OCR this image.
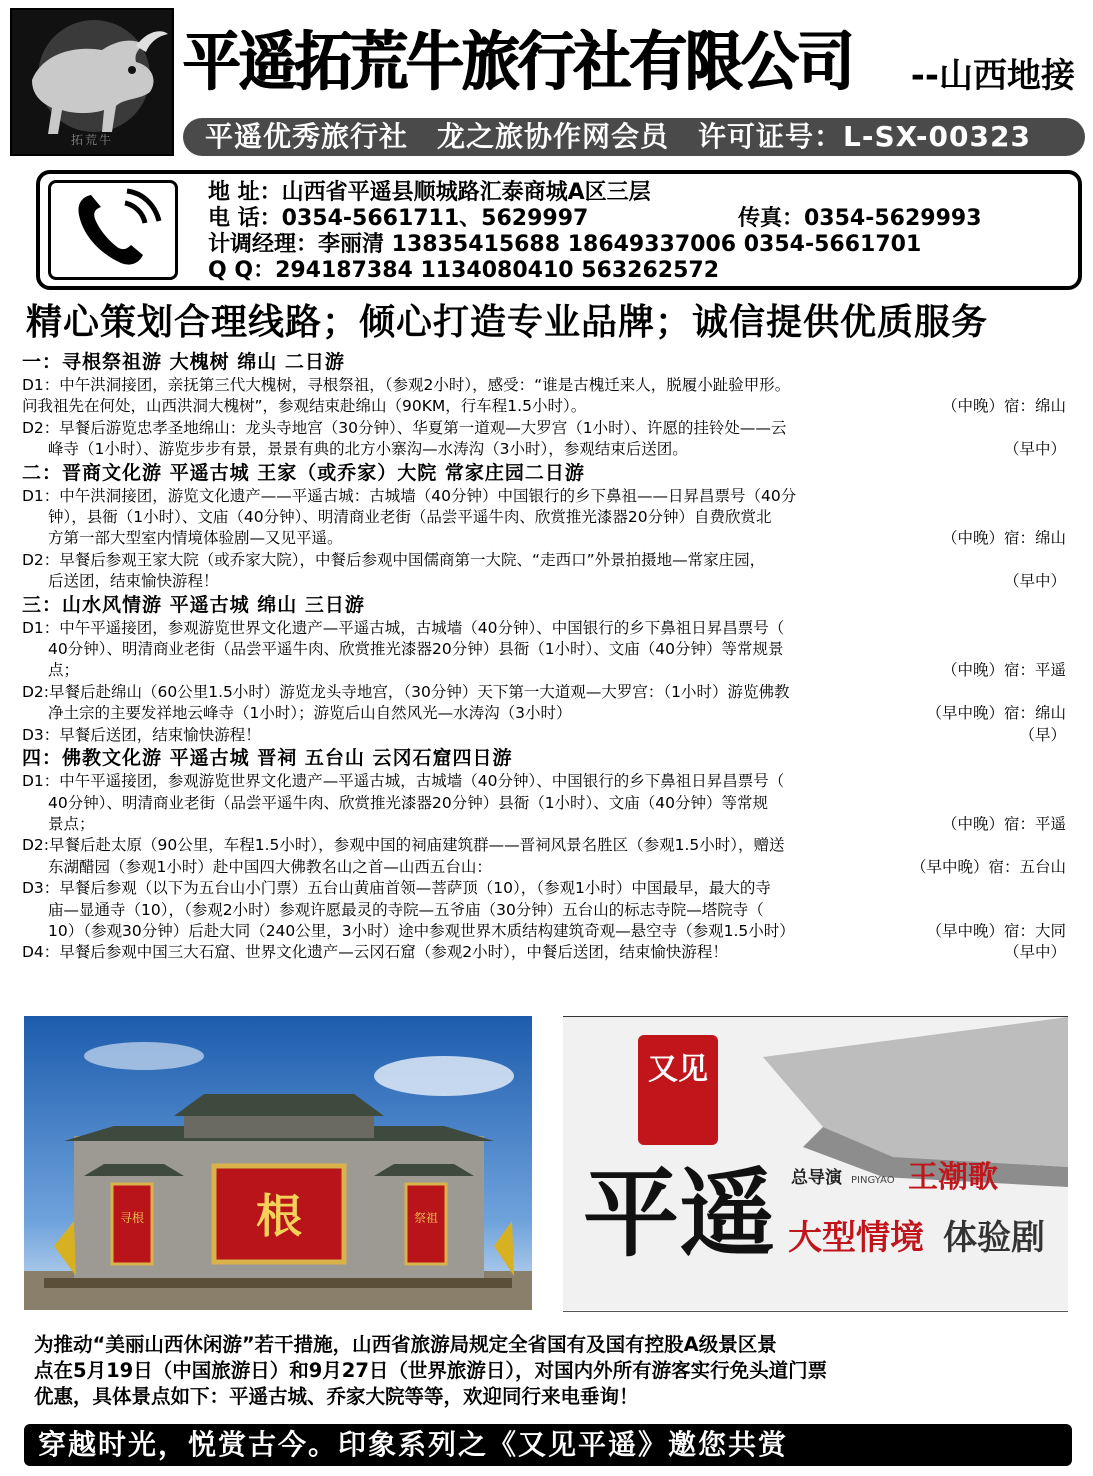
拓荒牛
平遥拓荒牛旅行社有限公司 --山西地接
平遥优秀旅行社　龙之旅协作网会员　许可证号：L-SX-00323
地 址：山西省平遥县顺城路汇泰商城A区三层
电 话：0354-5661711、5629997	传真：0354-5629993
计调经理：李丽清 13835415688 18649337006 0354-5661701
Q Q：294187384 1134080410 563262572
精心策划合理线路；倾心打造专业品牌；诚信提供优质服务
一：寻根祭祖游 大槐树 绵山 二日游
D1：中午洪洞接团，亲抚第三代大槐树，寻根祭祖，（参观2小时），感受：“谁是古槐迁来人，脱履小趾验甲形。
问我祖先在何处，山西洪洞大槐树”，参观结束赴绵山（90KM，行车程1.5小时）。	（中晚）宿：绵山
D2：早餐后游览忠孝圣地绵山：龙头寺地宫（30分钟）、华夏第一道观—大罗宫（1小时）、许愿的挂铃处——云
峰寺（1小时）、游览步步有景，景景有典的北方小寨沟—水涛沟（3小时），参观结束后送团。	（早中）
二：晋商文化游 平遥古城 王家（或乔家）大院 常家庄园二日游
D1：中午洪洞接团，游览文化遗产——平遥古城：古城墙（40分钟）中国银行的乡下鼻祖——日昇昌票号（40分
钟），县衙（1小时）、文庙（40分钟）、明清商业老街（品尝平遥牛肉、欣赏推光漆器20分钟）自费欣赏北
方第一部大型室内情境体验剧—又见平遥。	（中晚）宿：绵山
D2：早餐后参观王家大院（或乔家大院），中餐后参观中国儒商第一大院、“走西口”外景拍摄地—常家庄园，
后送团，结束愉快游程！	（早中）
三：山水风情游 平遥古城 绵山 三日游
D1：中午平遥接团，参观游览世界文化遗产—平遥古城，古城墙（40分钟）、中国银行的乡下鼻祖日昇昌票号（
40分钟）、明清商业老街（品尝平遥牛肉、欣赏推光漆器20分钟）县衙（1小时）、文庙（40分钟）等常规景
点；	（中晚）宿：平遥
D2:早餐后赴绵山（60公里1.5小时）游览龙头寺地宫，（30分钟）天下第一大道观—大罗宫：（1小时）游览佛教
净土宗的主要发祥地云峰寺（1小时）；游览后山自然风光—水涛沟（3小时）	（早中晚）宿：绵山
D3：早餐后送团，结束愉快游程！	（早）
四：佛教文化游 平遥古城 晋祠 五台山 云冈石窟四日游
D1：中午平遥接团，参观游览世界文化遗产—平遥古城，古城墙（40分钟）、中国银行的乡下鼻祖日昇昌票号（
40分钟）、明清商业老街（品尝平遥牛肉、欣赏推光漆器20分钟）县衙（1小时）、文庙（40分钟）等常规
景点；	（中晚）宿：平遥
D2:早餐后赴太原（90公里，车程1.5小时），参观中国的祠庙建筑群——晋祠风景名胜区（参观1.5小时），赠送
东湖醋园（参观1小时）赴中国四大佛教名山之首—山西五台山：	（早中晚）宿：五台山
D3：早餐后参观（以下为五台山小门票）五台山黄庙首领—菩萨顶（10），（参观1小时）中国最早，最大的寺
庙—显通寺（10），（参观2小时）参观许愿最灵的寺院—五爷庙（30分钟）五台山的标志寺院—塔院寺（
10）（参观30分钟）后赴大同（240公里，3小时）途中参观世界木质结构建筑奇观—悬空寺（参观1.5小时）	（早中晚）宿：大同
D4：早餐后参观中国三大石窟、世界文化遗产—云冈石窟（参观2小时），中餐后送团，结束愉快游程！	（早中）
根
寻根	祭祖
又见
平遥 总导演 PINGYAO 王潮歌
大型情境 体验剧
为推动“美丽山西休闲游”若干措施，山西省旅游局规定全省国有及国有控股A级景区景
点在5月19日（中国旅游日）和9月27日（世界旅游日），对国内外所有游客实行免头道门票
优惠，具体景点如下：平遥古城、乔家大院等等，欢迎同行来电垂询！
穿越时光，悦赏古今。印象系列之《又见平遥》邀您共赏
